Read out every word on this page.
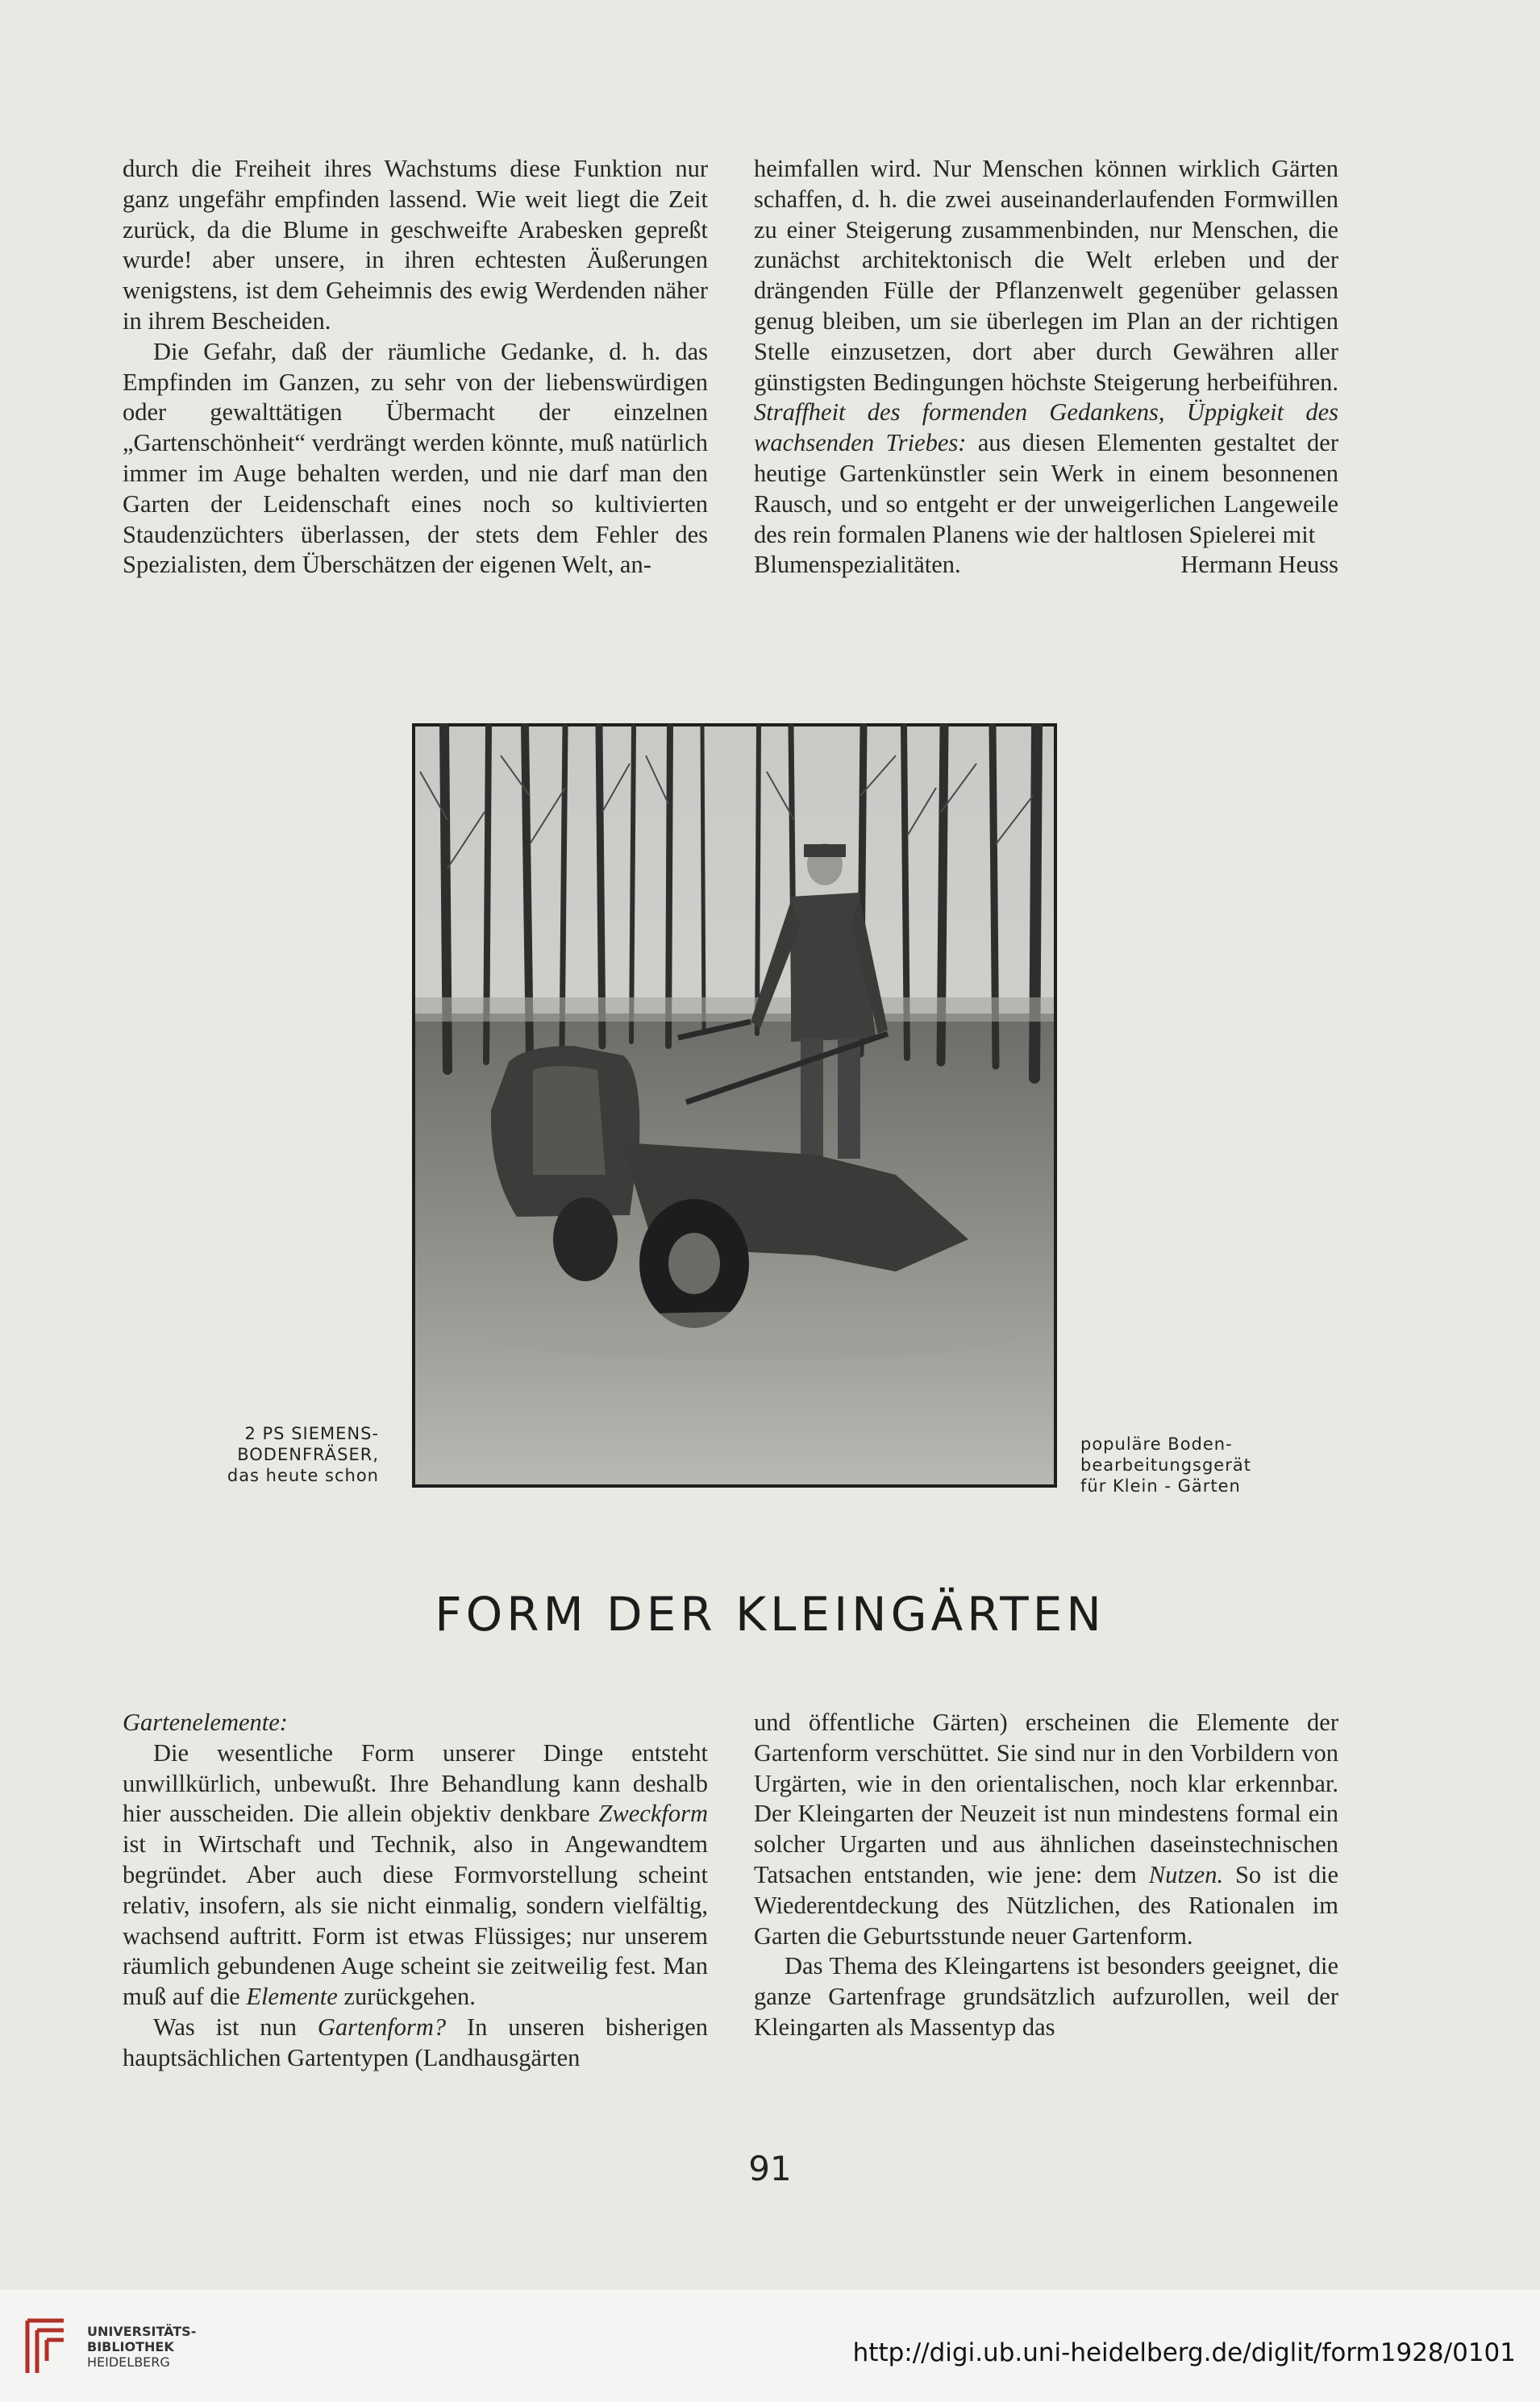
durch die Freiheit ihres Wachstums diese Funktion nur ganz ungefähr empfinden lassend. Wie weit liegt die Zeit zurück, da die Blume in geschweifte Arabesken gepreßt wurde! aber unsere, in ihren echtesten Äußerungen wenigstens, ist dem Geheimnis des ewig Werdenden näher in ihrem Bescheiden.

Die Gefahr, daß der räumliche Gedanke, d. h. das Empfinden im Ganzen, zu sehr von der liebenswürdigen oder gewalttätigen Übermacht der einzelnen „Gartenschönheit“ verdrängt werden könnte, muß natürlich immer im Auge behalten werden, und nie darf man den Garten der Leidenschaft eines noch so kultivierten Staudenzüchters überlassen, der stets dem Fehler des Spezialisten, dem Überschätzen der eigenen Welt, an-

heimfallen wird. Nur Menschen können wirklich Gärten schaffen, d. h. die zwei auseinanderlaufenden Formwillen zu einer Steigerung zusammenbinden, nur Menschen, die zunächst architektonisch die Welt erleben und der drängenden Fülle der Pflanzenwelt gegenüber gelassen genug bleiben, um sie überlegen im Plan an der richtigen Stelle einzusetzen, dort aber durch Gewähren aller günstigsten Bedingungen höchste Steigerung herbeiführen. Straffheit des formenden Gedankens, Üppigkeit des wachsenden Triebes: aus diesen Elementen gestaltet der heutige Gartenkünstler sein Werk in einem besonnenen Rausch, und so entgeht er der unweigerlichen Langeweile des rein formalen Planens wie der haltlosen Spielerei mit

Blumenspezialitäten.	Hermann Heuss

2 PS SIEMENS-
BODENFRÄSER,
das heute schon
populäre Boden-
bearbeitungsgerät
für Klein - Gärten
FORM DER KLEINGÄRTEN

Gartenelemente:

Die wesentliche Form unserer Dinge entsteht unwillkürlich, unbewußt. Ihre Behandlung kann deshalb hier ausscheiden. Die allein objektiv denkbare Zweckform ist in Wirtschaft und Technik, also in Angewandtem begründet. Aber auch diese Formvorstellung scheint relativ, insofern, als sie nicht einmalig, sondern vielfältig, wachsend auftritt. Form ist etwas Flüssiges; nur unserem räumlich gebundenen Auge scheint sie zeitweilig fest. Man muß auf die Elemente zurückgehen.

Was ist nun Gartenform? In unseren bisherigen hauptsächlichen Gartentypen (Landhausgärten

und öffentliche Gärten) erscheinen die Elemente der Gartenform verschüttet. Sie sind nur in den Vorbildern von Urgärten, wie in den orientalischen, noch klar erkennbar. Der Kleingarten der Neuzeit ist nun mindestens formal ein solcher Urgarten und aus ähnlichen daseinstechnischen Tatsachen entstanden, wie jene: dem Nutzen. So ist die Wiederentdeckung des Nützlichen, des Rationalen im Garten die Geburtsstunde neuer Gartenform.

Das Thema des Kleingartens ist besonders geeignet, die ganze Gartenfrage grundsätzlich aufzurollen, weil der Kleingarten als Massentyp das

91
UNIVERSITÄTS-
BIBLIOTHEK
HEIDELBERG	http://digi.ub.uni-heidelberg.de/diglit/form1928/0101
